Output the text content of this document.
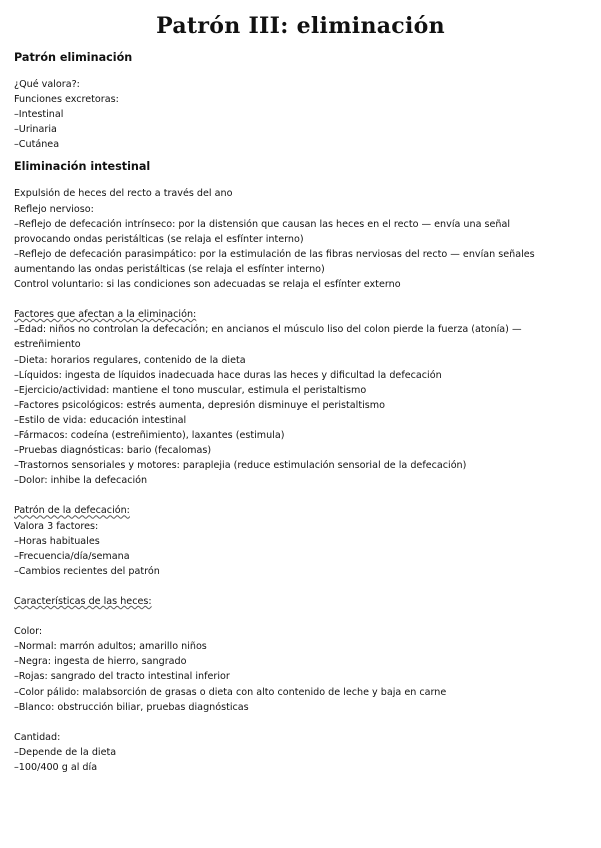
Patrón III: eliminación
Patrón eliminación
¿Qué valora?:
Funciones excretoras:
–Intestinal
–Urinaria
–Cutánea
Eliminación intestinal
Expulsión de heces del recto a través del ano
Reflejo nervioso:
–Reflejo de defecación intrínseco: por la distensión que causan las heces en el recto — envía una señal
provocando ondas peristálticas (se relaja el esfínter interno)
–Reflejo de defecación parasimpático: por la estimulación de las fibras nerviosas del recto — envían señales
aumentando las ondas peristálticas (se relaja el esfínter interno)
Control voluntario: si las condiciones son adecuadas se relaja el esfínter externo
Factores que afectan a la eliminación:
–Edad: niños no controlan la defecación; en ancianos el músculo liso del colon pierde la fuerza (atonía) —
estreñimiento
–Dieta: horarios regulares, contenido de la dieta
–Líquidos: ingesta de líquidos inadecuada hace duras las heces y dificultad la defecación
–Ejercicio/actividad: mantiene el tono muscular, estimula el peristaltismo
–Factores psicológicos: estrés aumenta, depresión disminuye el peristaltismo
–Estilo de vida: educación intestinal
–Fármacos: codeína (estreñimiento), laxantes (estimula)
–Pruebas diagnósticas: bario (fecalomas)
–Trastornos sensoriales y motores: paraplejia (reduce estimulación sensorial de la defecación)
–Dolor: inhibe la defecación
Patrón de la defecación:
Valora 3 factores:
–Horas habituales
–Frecuencia/día/semana
–Cambios recientes del patrón
Características de las heces:
Color:
–Normal: marrón adultos; amarillo niños
–Negra: ingesta de hierro, sangrado
–Rojas: sangrado del tracto intestinal inferior
–Color pálido: malabsorción de grasas o dieta con alto contenido de leche y baja en carne
–Blanco: obstrucción biliar, pruebas diagnósticas
Cantidad:
–Depende de la dieta
–100/400 g al día
